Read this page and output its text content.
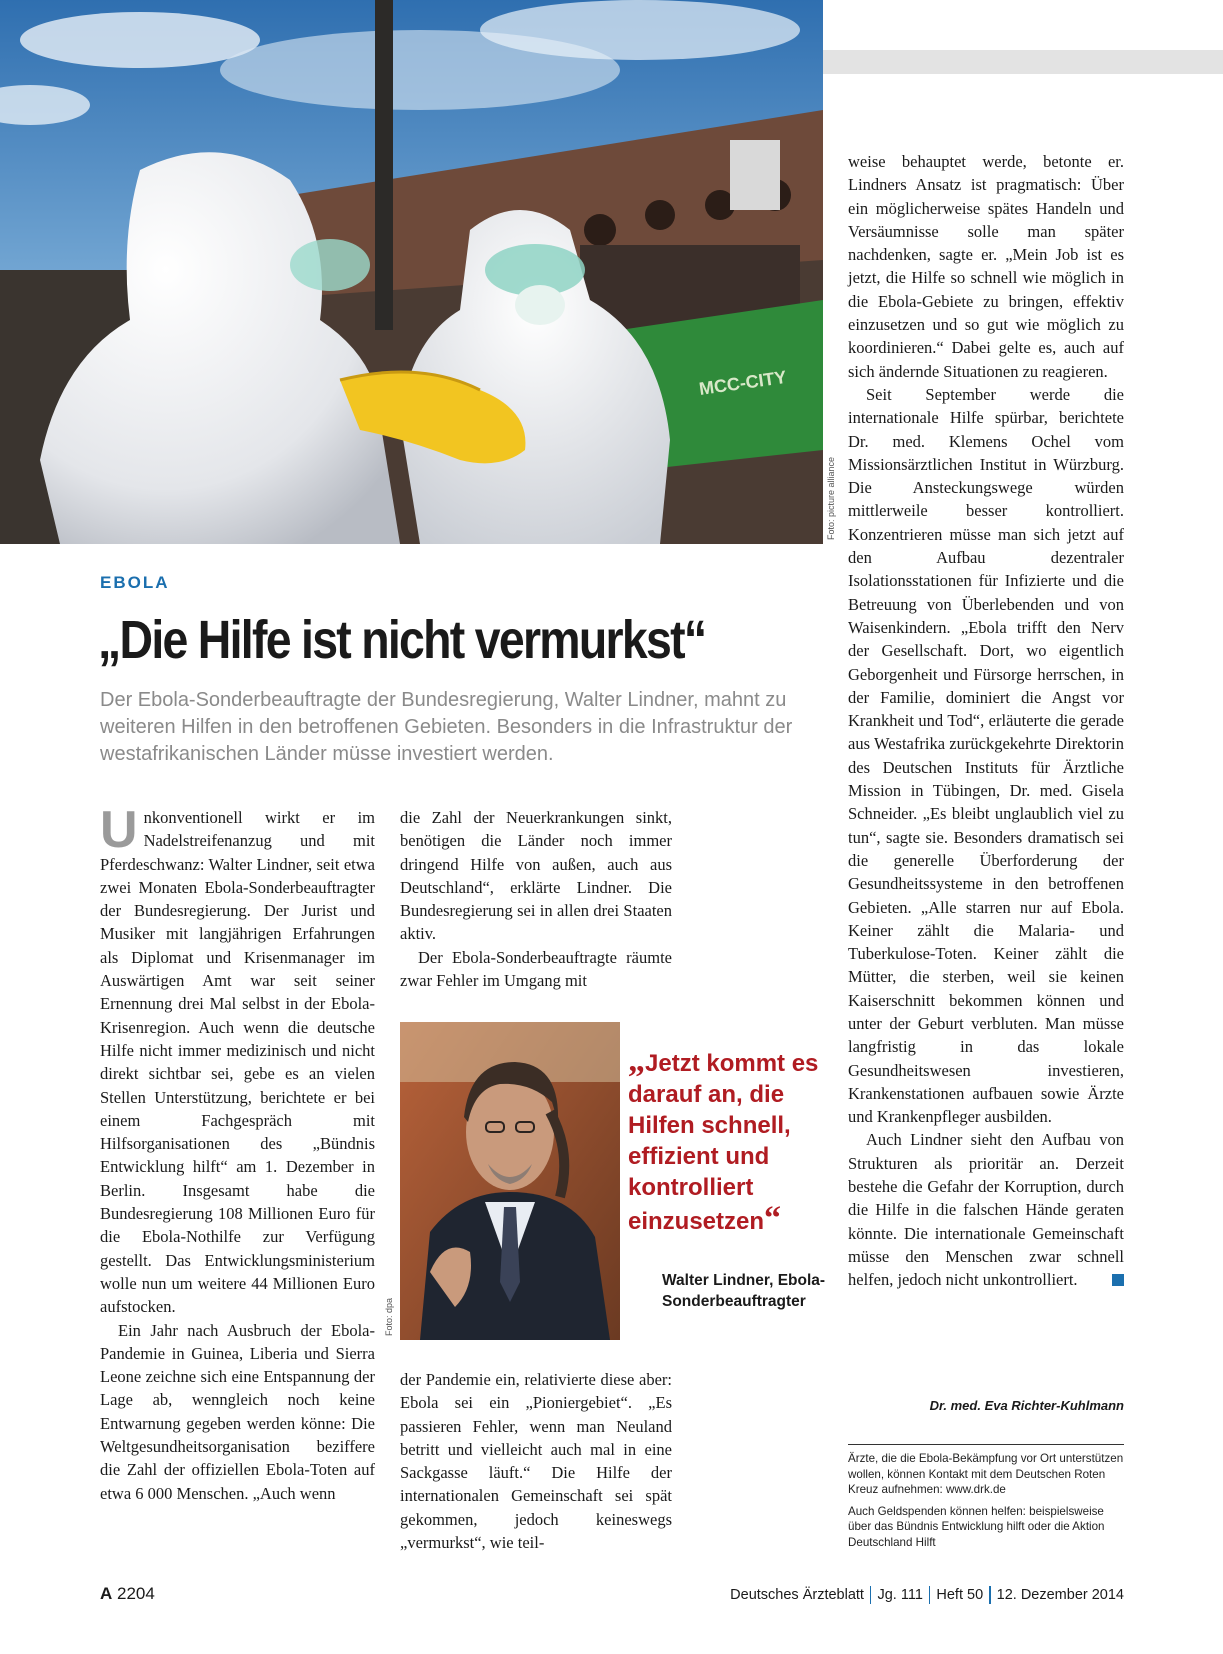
MCC-CITY
Foto: picture alliance
EBOLA
„Die Hilfe ist nicht vermurkst“
Der Ebola-Sonderbeauftragte der Bundesregierung, Walter Lindner, mahnt zu weiteren Hilfen in den betroffenen Gebieten. Besonders in die Infrastruktur der westafrikanischen Länder müsse investiert werden.

Unkonventionell wirkt er im Nadelstreifenanzug und mit Pferdeschwanz: Walter Lindner, seit etwa zwei Monaten Ebola-Sonderbeauftragter der Bundesregierung. Der Jurist und Musiker mit langjährigen Erfahrungen als Diplomat und Krisenmanager im Auswärtigen Amt war seit seiner Ernennung drei Mal selbst in der Ebola-Krisenregion. Auch wenn die deutsche Hilfe nicht immer medizinisch und nicht direkt sichtbar sei, gebe es an vielen Stellen Unterstützung, berichtete er bei einem Fachgespräch mit Hilfsorganisationen des „Bündnis Entwicklung hilft“ am 1. Dezember in Berlin. Insgesamt habe die Bundesregierung 108 Millionen Euro für die Ebola-Nothilfe zur Verfügung gestellt. Das Entwicklungsministerium wolle nun um weitere 44 Millionen Euro aufstocken.

Ein Jahr nach Ausbruch der Ebola-Pandemie in Guinea, Liberia und Sierra Leone zeichne sich eine Entspannung der Lage ab, wenngleich noch keine Entwarnung gegeben werden könne: Die Weltgesundheitsorganisation beziffere die Zahl der offiziellen Ebola-Toten auf etwa 6 000 Menschen. „Auch wenn

die Zahl der Neuerkrankungen sinkt, benötigen die Länder noch immer dringend Hilfe von außen, auch aus Deutschland“, erklärte Lindner. Die Bundesregierung sei in allen drei Staaten aktiv.

Der Ebola-Sonderbeauftragte räumte zwar Fehler im Umgang mit

Foto: dpa
„Jetzt kommt es darauf an, die Hilfen schnell, effizient und kontrolliert einzusetzen“
Walter Lindner, Ebola-Sonderbeauftragter

der Pandemie ein, relativierte diese aber: Ebola sei ein „Pioniergebiet“. „Es passieren Fehler, wenn man Neuland betritt und vielleicht auch mal in eine Sackgasse läuft.“ Die Hilfe der internationalen Gemeinschaft sei spät gekommen, jedoch keineswegs „vermurkst“, wie teil-

weise behauptet werde, betonte er. Lindners Ansatz ist pragmatisch: Über ein möglicherweise spätes Handeln und Versäumnisse solle man später nachdenken, sagte er. „Mein Job ist es jetzt, die Hilfe so schnell wie möglich in die Ebola-Gebiete zu bringen, effektiv einzusetzen und so gut wie möglich zu koordinieren.“ Dabei gelte es, auch auf sich ändernde Situationen zu reagieren.

Seit September werde die internationale Hilfe spürbar, berichtete Dr. med. Klemens Ochel vom Missionsärztlichen Institut in Würzburg. Die Ansteckungswege würden mittlerweile besser kontrolliert. Konzentrieren müsse man sich jetzt auf den Aufbau dezentraler Isolationsstationen für Infizierte und die Betreuung von Überlebenden und von Waisenkindern. „Ebola trifft den Nerv der Gesellschaft. Dort, wo eigentlich Geborgenheit und Fürsorge herrschen, in der Familie, dominiert die Angst vor Krankheit und Tod“, erläuterte die gerade aus Westafrika zurückgekehrte Direktorin des Deutschen Instituts für Ärztliche Mission in Tübingen, Dr. med. Gisela Schneider. „Es bleibt unglaublich viel zu tun“, sagte sie. Besonders dramatisch sei die generelle Überforderung der Gesundheitssysteme in den betroffenen Gebieten. „Alle starren nur auf Ebola. Keiner zählt die Malaria- und Tuberkulose-Toten. Keiner zählt die Mütter, die sterben, weil sie keinen Kaiserschnitt bekommen können und unter der Geburt verbluten. Man müsse langfristig in das lokale Gesundheitswesen investieren, Krankenstationen aufbauen sowie Ärzte und Krankenpfleger ausbilden.

Auch Lindner sieht den Aufbau von Strukturen als prioritär an. Derzeit bestehe die Gefahr der Korruption, durch die Hilfe in die falschen Hände geraten könnte. Die internationale Gemeinschaft müsse den Menschen zwar schnell helfen, jedoch nicht unkontrolliert.

Dr. med. Eva Richter-Kuhlmann

Ärzte, die die Ebola-Bekämpfung vor Ort unterstützen wollen, können Kontakt mit dem Deutschen Roten Kreuz aufnehmen: www.drk.de

Auch Geldspenden können helfen: beispielsweise über das Bündnis Entwicklung hilft oder die Aktion Deutschland Hilft

A 2204	Deutsches Ärzteblatt Jg. 111 Heft 50 12. Dezember 2014
